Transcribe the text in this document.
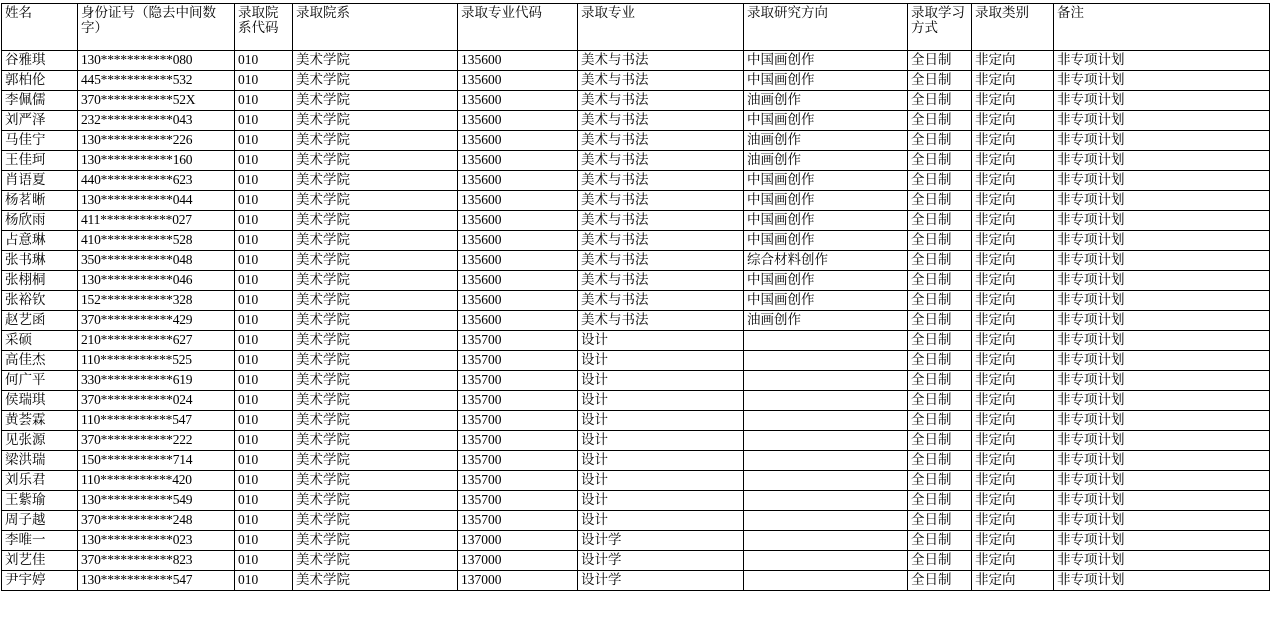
姓名	身份证号（隐去中间数字）	录取院系代码	录取院系	录取专业代码	录取专业	录取研究方向	录取学习方式	录取类别	备注
谷雅琪	130***********080	010	美术学院	135600	美术与书法	中国画创作	全日制	非定向	非专项计划
郭柏伦	445***********532	010	美术学院	135600	美术与书法	中国画创作	全日制	非定向	非专项计划
李佩儒	370***********52X	010	美术学院	135600	美术与书法	油画创作	全日制	非定向	非专项计划
刘严泽	232***********043	010	美术学院	135600	美术与书法	中国画创作	全日制	非定向	非专项计划
马佳宁	130***********226	010	美术学院	135600	美术与书法	油画创作	全日制	非定向	非专项计划
王佳珂	130***********160	010	美术学院	135600	美术与书法	油画创作	全日制	非定向	非专项计划
肖语夏	440***********623	010	美术学院	135600	美术与书法	中国画创作	全日制	非定向	非专项计划
杨茗晰	130***********044	010	美术学院	135600	美术与书法	中国画创作	全日制	非定向	非专项计划
杨欣雨	411***********027	010	美术学院	135600	美术与书法	中国画创作	全日制	非定向	非专项计划
占意琳	410***********528	010	美术学院	135600	美术与书法	中国画创作	全日制	非定向	非专项计划
张书琳	350***********048	010	美术学院	135600	美术与书法	综合材料创作	全日制	非定向	非专项计划
张栩桐	130***********046	010	美术学院	135600	美术与书法	中国画创作	全日制	非定向	非专项计划
张裕钦	152***********328	010	美术学院	135600	美术与书法	中国画创作	全日制	非定向	非专项计划
赵艺函	370***********429	010	美术学院	135600	美术与书法	油画创作	全日制	非定向	非专项计划
采硕	210***********627	010	美术学院	135700	设计		全日制	非定向	非专项计划
高佳杰	110***********525	010	美术学院	135700	设计		全日制	非定向	非专项计划
何广平	330***********619	010	美术学院	135700	设计		全日制	非定向	非专项计划
侯瑞琪	370***********024	010	美术学院	135700	设计		全日制	非定向	非专项计划
黄荟霖	110***********547	010	美术学院	135700	设计		全日制	非定向	非专项计划
见张源	370***********222	010	美术学院	135700	设计		全日制	非定向	非专项计划
梁洪瑞	150***********714	010	美术学院	135700	设计		全日制	非定向	非专项计划
刘乐君	110***********420	010	美术学院	135700	设计		全日制	非定向	非专项计划
王紫瑜	130***********549	010	美术学院	135700	设计		全日制	非定向	非专项计划
周子越	370***********248	010	美术学院	135700	设计		全日制	非定向	非专项计划
李唯一	130***********023	010	美术学院	137000	设计学		全日制	非定向	非专项计划
刘艺佳	370***********823	010	美术学院	137000	设计学		全日制	非定向	非专项计划
尹宇婷	130***********547	010	美术学院	137000	设计学		全日制	非定向	非专项计划
